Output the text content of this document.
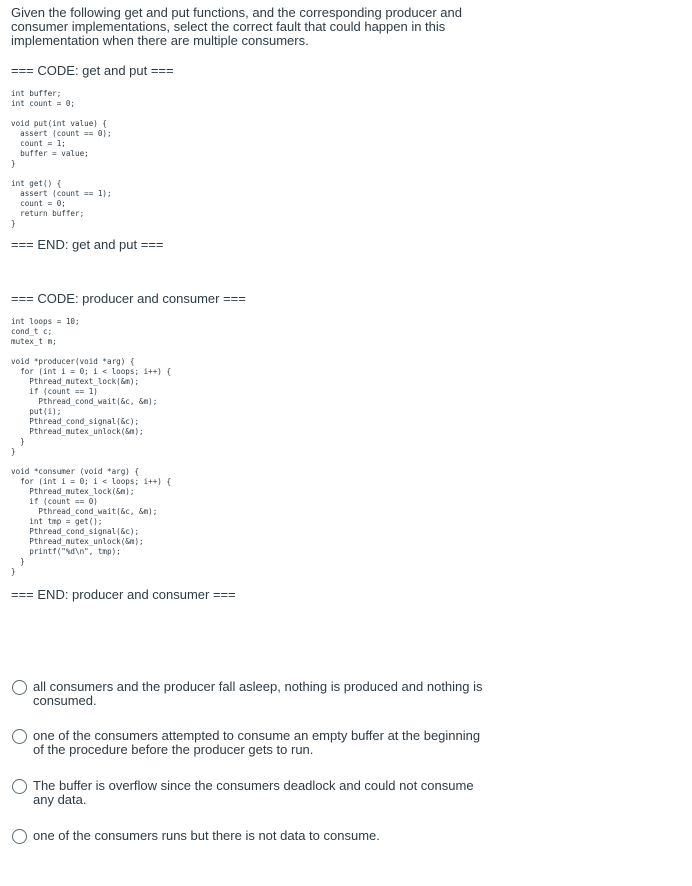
Given the following get and put functions, and the corresponding producer and consumer implementations, select the correct fault that could happen in this implementation when there are multiple consumers.

=== CODE: get and put ===

int buffer;
int count = 0;
void put(int value) {
assert (count == 0);
count = 1;
buffer = value;
}
int get() {
assert (count == 1);
count = 0;
return buffer;
}

=== END: get and put ===

=== CODE: producer and consumer ===

int loops = 10;
cond_t c;
mutex_t m;
void *producer(void *arg) {
for (int i = 0; i < loops; i++) {
Pthread_mutext_lock(&m);
if (count == 1)
Pthread_cond_wait(&c, &m);
put(i);
Pthread_cond_signal(&c);
Pthread_mutex_unlock(&m);
}
}
void *consumer (void *arg) {
for (int i = 0; i < loops; i++) {
Pthread_mutex_lock(&m);
if (count == 0)
Pthread_cond_wait(&c, &m);
int tmp = get();
Pthread_cond_signal(&c);
Pthread_mutex_unlock(&m);
printf("%d\n", tmp);
}
}

=== END: producer and consumer ===

all consumers and the producer fall asleep, nothing is produced and nothing is consumed.
one of the consumers attempted to consume an empty buffer at the beginning of the procedure before the producer gets to run.
The buffer is overflow since the consumers deadlock and could not consume any data.
one of the consumers runs but there is not data to consume.
